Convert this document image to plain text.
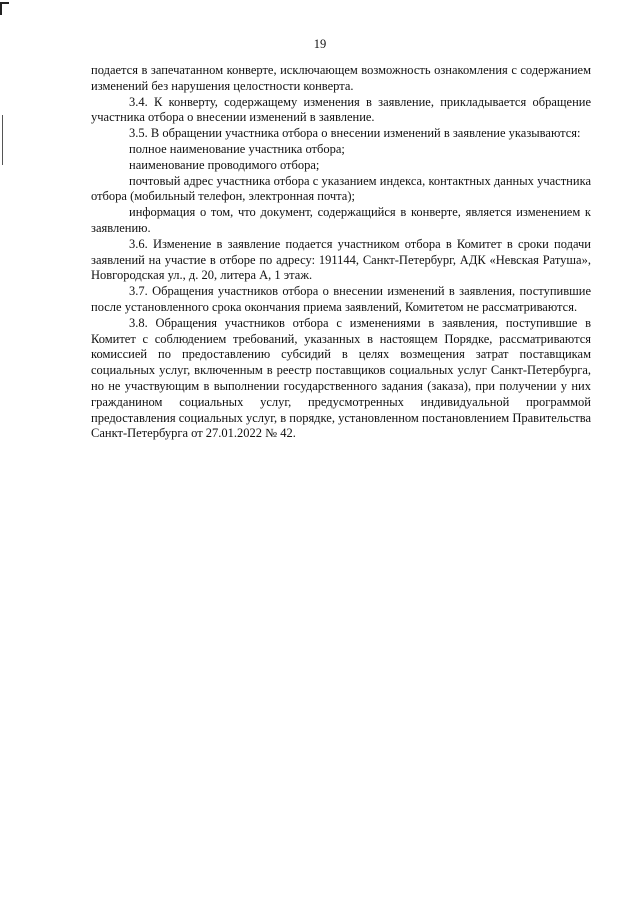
19

подается в запечатанном конверте, исключающем возможность ознакомления с содержанием изменений без нарушения целостности конверта.

3.4. К конверту, содержащему изменения в заявление, прикладывается обращение участника отбора о внесении изменений в заявление.

3.5. В обращении участника отбора о внесении изменений в заявление указываются:

полное наименование участника отбора;

наименование проводимого отбора;

почтовый адрес участника отбора с указанием индекса, контактных данных участника отбора (мобильный телефон, электронная почта);

информация о том, что документ, содержащийся в конверте, является изменением к заявлению.

3.6. Изменение в заявление подается участником отбора в Комитет в сроки подачи заявлений на участие в отборе по адресу: 191144, Санкт-Петербург, АДК «Невская Ратуша», Новгородская ул., д. 20, литера А, 1 этаж.

3.7. Обращения участников отбора о внесении изменений в заявления, поступившие после установленного срока окончания приема заявлений, Комитетом не рассматриваются.

3.8. Обращения участников отбора с изменениями в заявления, поступившие в Комитет с соблюдением требований, указанных в настоящем Порядке, рассматриваются комиссией по предоставлению субсидий в целях возмещения затрат поставщикам социальных услуг, включенным в реестр поставщиков социальных услуг Санкт-Петербурга, но не участвующим в выполнении государственного задания (заказа), при получении у них гражданином социальных услуг, предусмотренных индивидуальной программой предоставления социальных услуг, в порядке, установленном постановлением Правительства Санкт-Петербурга от 27.01.2022 № 42.
